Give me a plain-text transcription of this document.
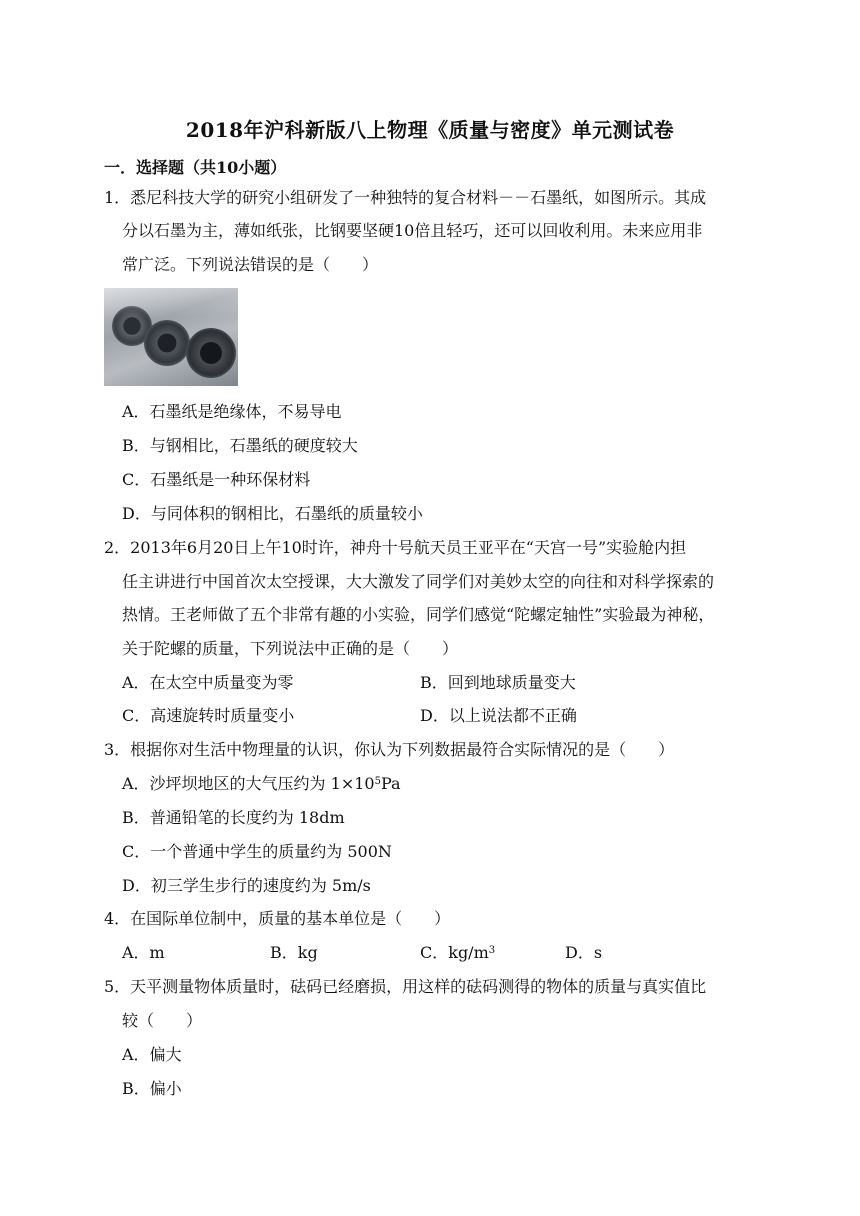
2018年沪科新版八上物理《质量与密度》单元测试卷
一．选择题（共10小题）
1．悉尼科技大学的研究小组研发了一种独特的复合材料－－石墨纸，如图所示。其成
分以石墨为主，薄如纸张，比钢要坚硬10倍且轻巧，还可以回收利用。未来应用非
常广泛。下列说法错误的是（　　）
A．石墨纸是绝缘体，不易导电
B．与钢相比，石墨纸的硬度较大
C．石墨纸是一种环保材料
D．与同体积的钢相比，石墨纸的质量较小
2．2013年6月20日上午10时许，神舟十号航天员王亚平在“天宫一号”实验舱内担
任主讲进行中国首次太空授课，大大激发了同学们对美妙太空的向往和对科学探索的
热情。王老师做了五个非常有趣的小实验，同学们感觉“陀螺定轴性”实验最为神秘，
关于陀螺的质量，下列说法中正确的是（　　）
A．在太空中质量变为零	B．回到地球质量变大
C．高速旋转时质量变小	D．以上说法都不正确
3．根据你对生活中物理量的认识，你认为下列数据最符合实际情况的是（　　）
A．沙坪坝地区的大气压约为 $1\times 10^5Pa$
B．普通铅笔的长度约为 18dm
C．一个普通中学生的质量约为 500N
D．初三学生步行的速度约为 5m/s
4．在国际单位制中，质量的基本单位是（　　）
A．m	B．kg	C．$kg/m^3$	D．s
5．天平测量物体质量时，砝码已经磨损，用这样的砝码测得的物体的质量与真实值比
较（　　）
A．偏大
B．偏小
